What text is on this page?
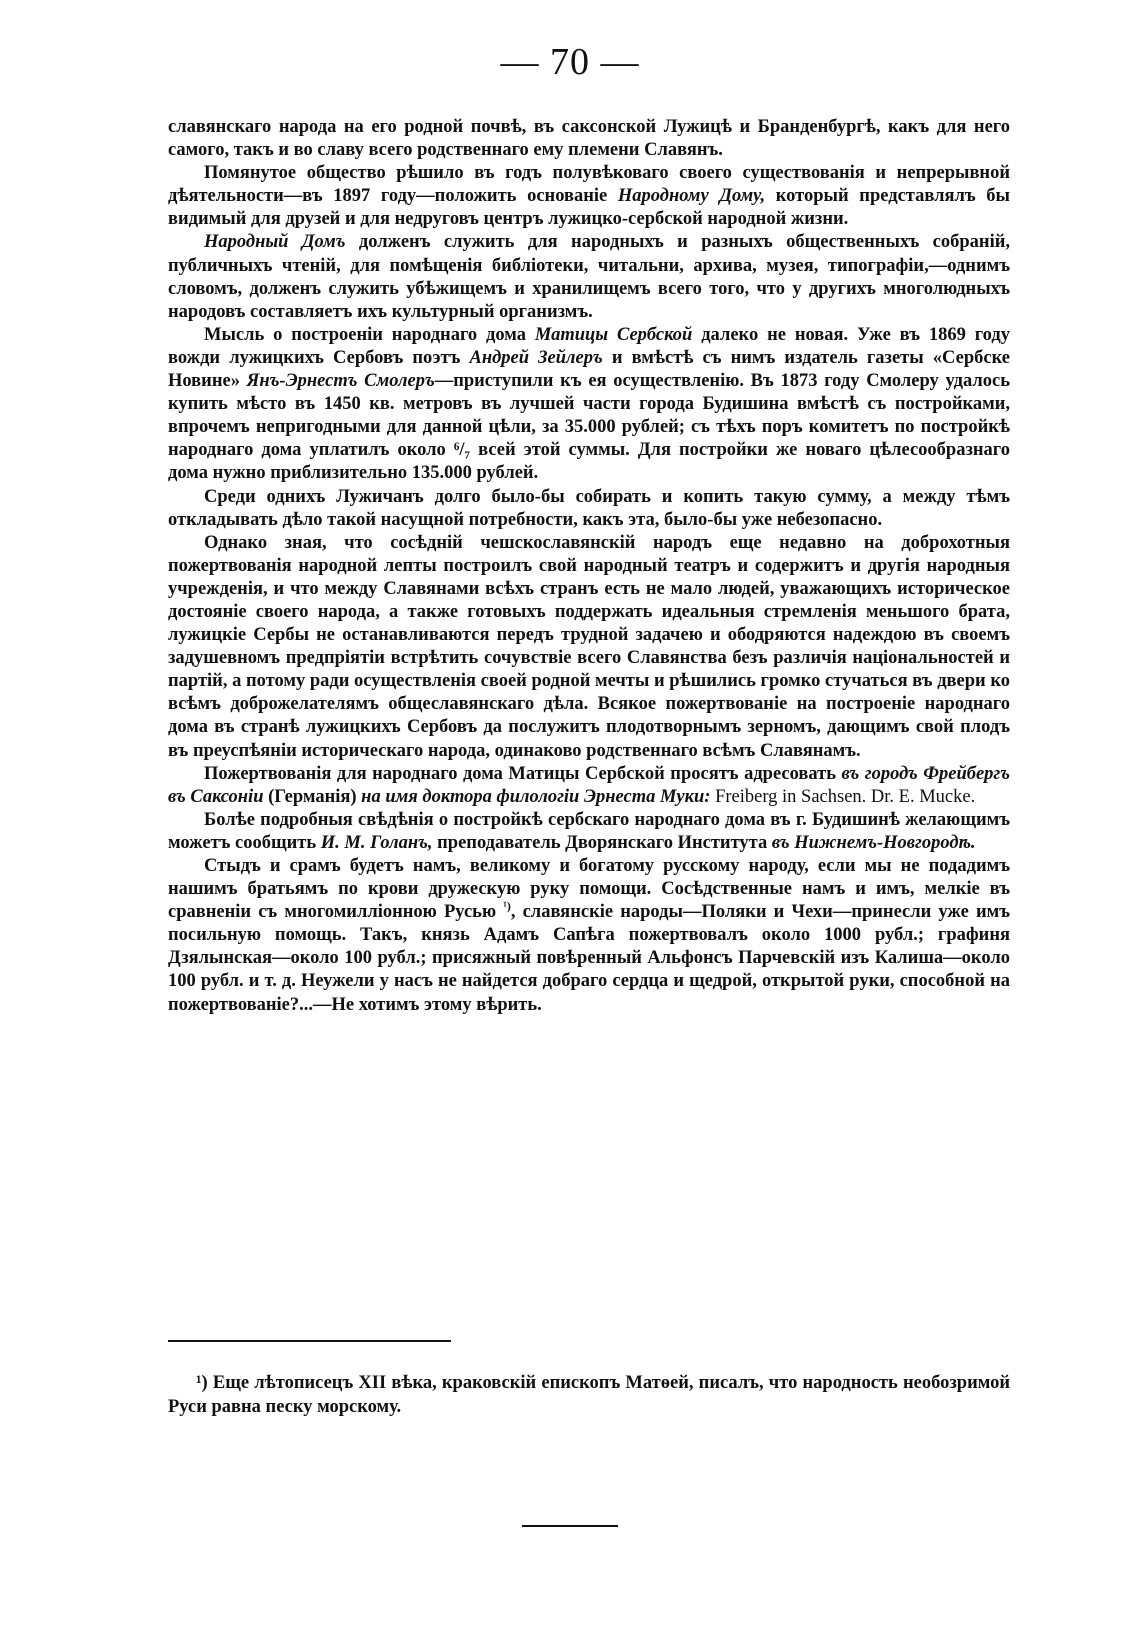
— 70 —

славянскаго народа на его родной почвѣ, въ саксонской Лужицѣ и Бранденбургѣ, какъ для него самого, такъ и во славу всего родственнаго ему племени Славянъ.

Помянутое общество рѣшило въ годъ полувѣковаго своего существованія и непрерывной дѣятельности—въ 1897 году—положить основаніе Народному Дому, который представлялъ бы видимый для друзей и для недруговъ центръ лужицко-сербской народной жизни.

Народный Домъ долженъ служить для народныхъ и разныхъ общественныхъ собраній, публичныхъ чтеній, для помѣщенія библіотеки, читальни, архива, музея, типографіи,—однимъ словомъ, долженъ служить убѣжищемъ и хранилищемъ всего того, что у другихъ многолюдныхъ народовъ составляетъ ихъ культурный организмъ.

Мысль о построеніи народнаго дома Матицы Сербской далеко не новая. Уже въ 1869 году вожди лужицкихъ Сербовъ поэтъ Андрей Зейлеръ и вмѣстѣ съ нимъ издатель газеты «Сербске Новине» Янъ-Эрнестъ Смолеръ—приступили къ ея осуществленію. Въ 1873 году Смолеру удалось купить мѣсто въ 1450 кв. метровъ въ лучшей части города Будишина вмѣстѣ съ постройками, впрочемъ непригодными для данной цѣли, за 35.000 рублей; съ тѣхъ поръ комитетъ по постройкѣ народнаго дома уплатилъ около ⁶/₇ всей этой суммы. Для постройки же новаго цѣлесообразнаго дома нужно приблизительно 135.000 рублей.

Среди однихъ Лужичанъ долго было-бы собирать и копить такую сумму, а между тѣмъ откладывать дѣло такой насущной потребности, какъ эта, было-бы уже небезопасно.

Однако зная, что сосѣдній чешскославянскій народъ еще недавно на доброхотныя пожертвованія народной лепты построилъ свой народный театръ и содержитъ и другія народныя учрежденія, и что между Славянами всѣхъ странъ есть не мало людей, уважающихъ историческое достояніе своего народа, а также готовыхъ поддержать идеальныя стремленія меньшого брата, лужицкіе Сербы не останавливаются передъ трудной задачею и ободряются надеждою въ своемъ задушевномъ предпріятіи встрѣтить сочувствіе всего Славянства безъ различія національностей и партій, а потому ради осуществленія своей родной мечты и рѣшились громко стучаться въ двери ко всѣмъ доброжелателямъ общеславянскаго дѣла. Всякое пожертвованіе на построеніе народнаго дома въ странѣ лужицкихъ Сербовъ да послужитъ плодотворнымъ зерномъ, дающимъ свой плодъ въ преуспѣяніи историческаго народа, одинаково родственнаго всѣмъ Славянамъ.

Пожертвованія для народнаго дома Матицы Сербской просятъ адресовать въ городъ Фрейбергъ въ Саксоніи (Германія) на имя доктора филологіи Эрнеста Муки: Freiberg in Sachsen. Dr. E. Mucke.

Болѣе подробныя свѣдѣнія о постройкѣ сербскаго народнаго дома въ г. Будишинѣ желающимъ можетъ сообщить И. М. Голанъ, преподаватель Дворянскаго Института въ Нижнемъ-Новгородѣ.

Стыдъ и срамъ будетъ намъ, великому и богатому русскому народу, если мы не подадимъ нашимъ братьямъ по крови дружескую руку помощи. Сосѣдственные намъ и имъ, мелкіе въ сравненіи съ многомилліонною Русью $^{^1)}$, славянскіе народы—Поляки и Чехи—принесли уже имъ посильную помощь. Такъ, князь Адамъ Сапѣга пожертвовалъ около 1000 рубл.; графиня Дзялынская—около 100 рубл.; присяжный повѣренный Альфонсъ Парчевскій изъ Калиша—около 100 рубл. и т. д. Неужели у насъ не найдется добраго сердца и щедрой, открытой руки, способной на пожертвованіе?...—Не хотимъ этому вѣрить.

¹) Еще лѣтописецъ XII вѣка, краковскій епископъ Матѳей, писалъ, что народность необозримой Руси равна песку морскому.
